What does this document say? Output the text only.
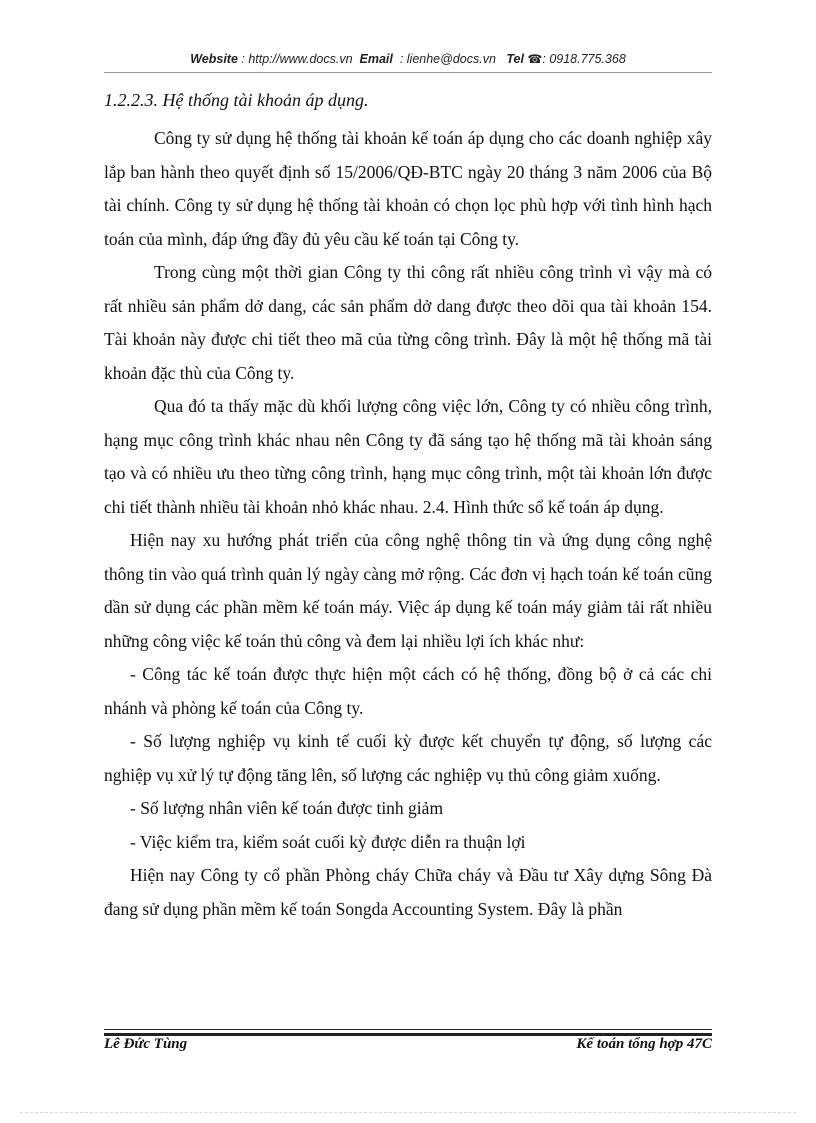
Website : http://www.docs.vn Email : lienhe@docs.vn Tel ☎: 0918.775.368
1.2.2.3. Hệ thống tài khoản áp dụng.

Công ty sử dụng hệ thống tài khoản kế toán áp dụng cho các doanh nghiệp xây lắp ban hành theo quyết định số 15/2006/QĐ-BTC ngày 20 tháng 3 năm 2006 của Bộ tài chính. Công ty sử dụng hệ thống tài khoản có chọn lọc phù hợp với tình hình hạch toán của mình, đáp ứng đầy đủ yêu cầu kế toán tại Công ty.

Trong cùng một thời gian Công ty thi công rất nhiều công trình vì vậy mà có rất nhiều sản phẩm dở dang, các sản phẩm dở dang được theo dõi qua tài khoản 154. Tài khoản này được chi tiết theo mã của từng công trình. Đây là một hệ thống mã tài khoản đặc thù của Công ty.

Qua đó ta thấy mặc dù khối lượng công việc lớn, Công ty có nhiều công trình, hạng mục công trình khác nhau nên Công ty đã sáng tạo hệ thống mã tài khoản sáng tạo và có nhiều ưu theo từng công trình, hạng mục công trình, một tài khoản lớn được chi tiết thành nhiều tài khoản nhỏ khác nhau. 2.4. Hình thức sổ kế toán áp dụng.

Hiện nay xu hướng phát triển của công nghệ thông tin và ứng dụng công nghệ thông tin vào quá trình quản lý ngày càng mở rộng. Các đơn vị hạch toán kế toán cũng dần sử dụng các phần mềm kế toán máy. Việc áp dụng kế toán máy giảm tải rất nhiều những công việc kế toán thủ công và đem lại nhiều lợi ích khác như:

- Công tác kế toán được thực hiện một cách có hệ thống, đồng bộ ở cả các chi nhánh và phòng kế toán của Công ty.

- Số lượng nghiệp vụ kinh tế cuối kỳ được kết chuyển tự động, số lượng các nghiệp vụ xử lý tự động tăng lên, số lượng các nghiệp vụ thủ công giảm xuống.

- Số lượng nhân viên kế toán được tinh giảm

- Việc kiểm tra, kiểm soát cuối kỳ được diễn ra thuận lợi

Hiện nay Công ty cổ phần Phòng cháy Chữa cháy và Đầu tư Xây dựng Sông Đà đang sử dụng phần mềm kế toán Songda Accounting System. Đây là phần

Lê Đức Tùng	Kế toán tổng hợp 47C
